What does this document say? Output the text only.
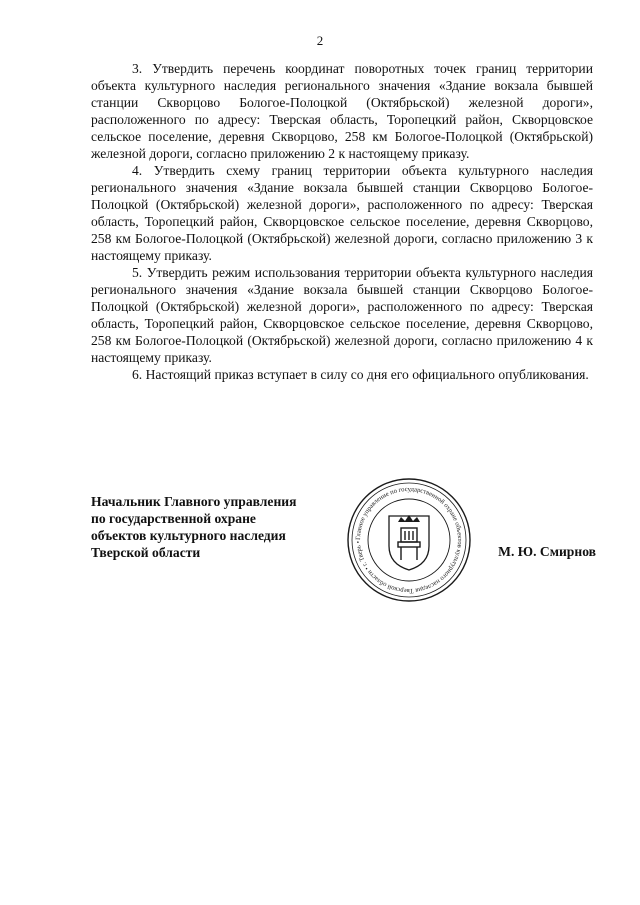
2

3. Утвердить перечень координат поворотных точек границ территории объекта культурного наследия регионального значения «Здание вокзала бывшей станции Скворцово Бологое-Полоцкой (Октябрьской) железной дороги», расположенного по адресу: Тверская область, Торопецкий район, Скворцовское сельское поселение, деревня Скворцово, 258 км Бологое-Полоцкой (Октябрьской) железной дороги, согласно приложению 2 к настоящему приказу.

4. Утвердить схему границ территории объекта культурного наследия регионального значения «Здание вокзала бывшей станции Скворцово Бологое-Полоцкой (Октябрьской) железной дороги», расположенного по адресу: Тверская область, Торопецкий район, Скворцовское сельское поселение, деревня Скворцово, 258 км Бологое-Полоцкой (Октябрьской) железной дороги, согласно приложению 3 к настоящему приказу.

5. Утвердить режим использования территории объекта культурного наследия регионального значения «Здание вокзала бывшей станции Скворцово Бологое-Полоцкой (Октябрьской) железной дороги», расположенного по адресу: Тверская область, Торопецкий район, Скворцовское сельское поселение, деревня Скворцово, 258 км Бологое-Полоцкой (Октябрьской) железной дороги, согласно приложению 4 к настоящему приказу.

6. Настоящий приказ вступает в силу со дня его официального опубликования.

Начальник Главного управления
по государственной охране
объектов культурного наследия
Тверской области
Главное управление по государственной охране объектов культурного наследия Тверской области • г. Тверь •
М. Ю. Смирнов
